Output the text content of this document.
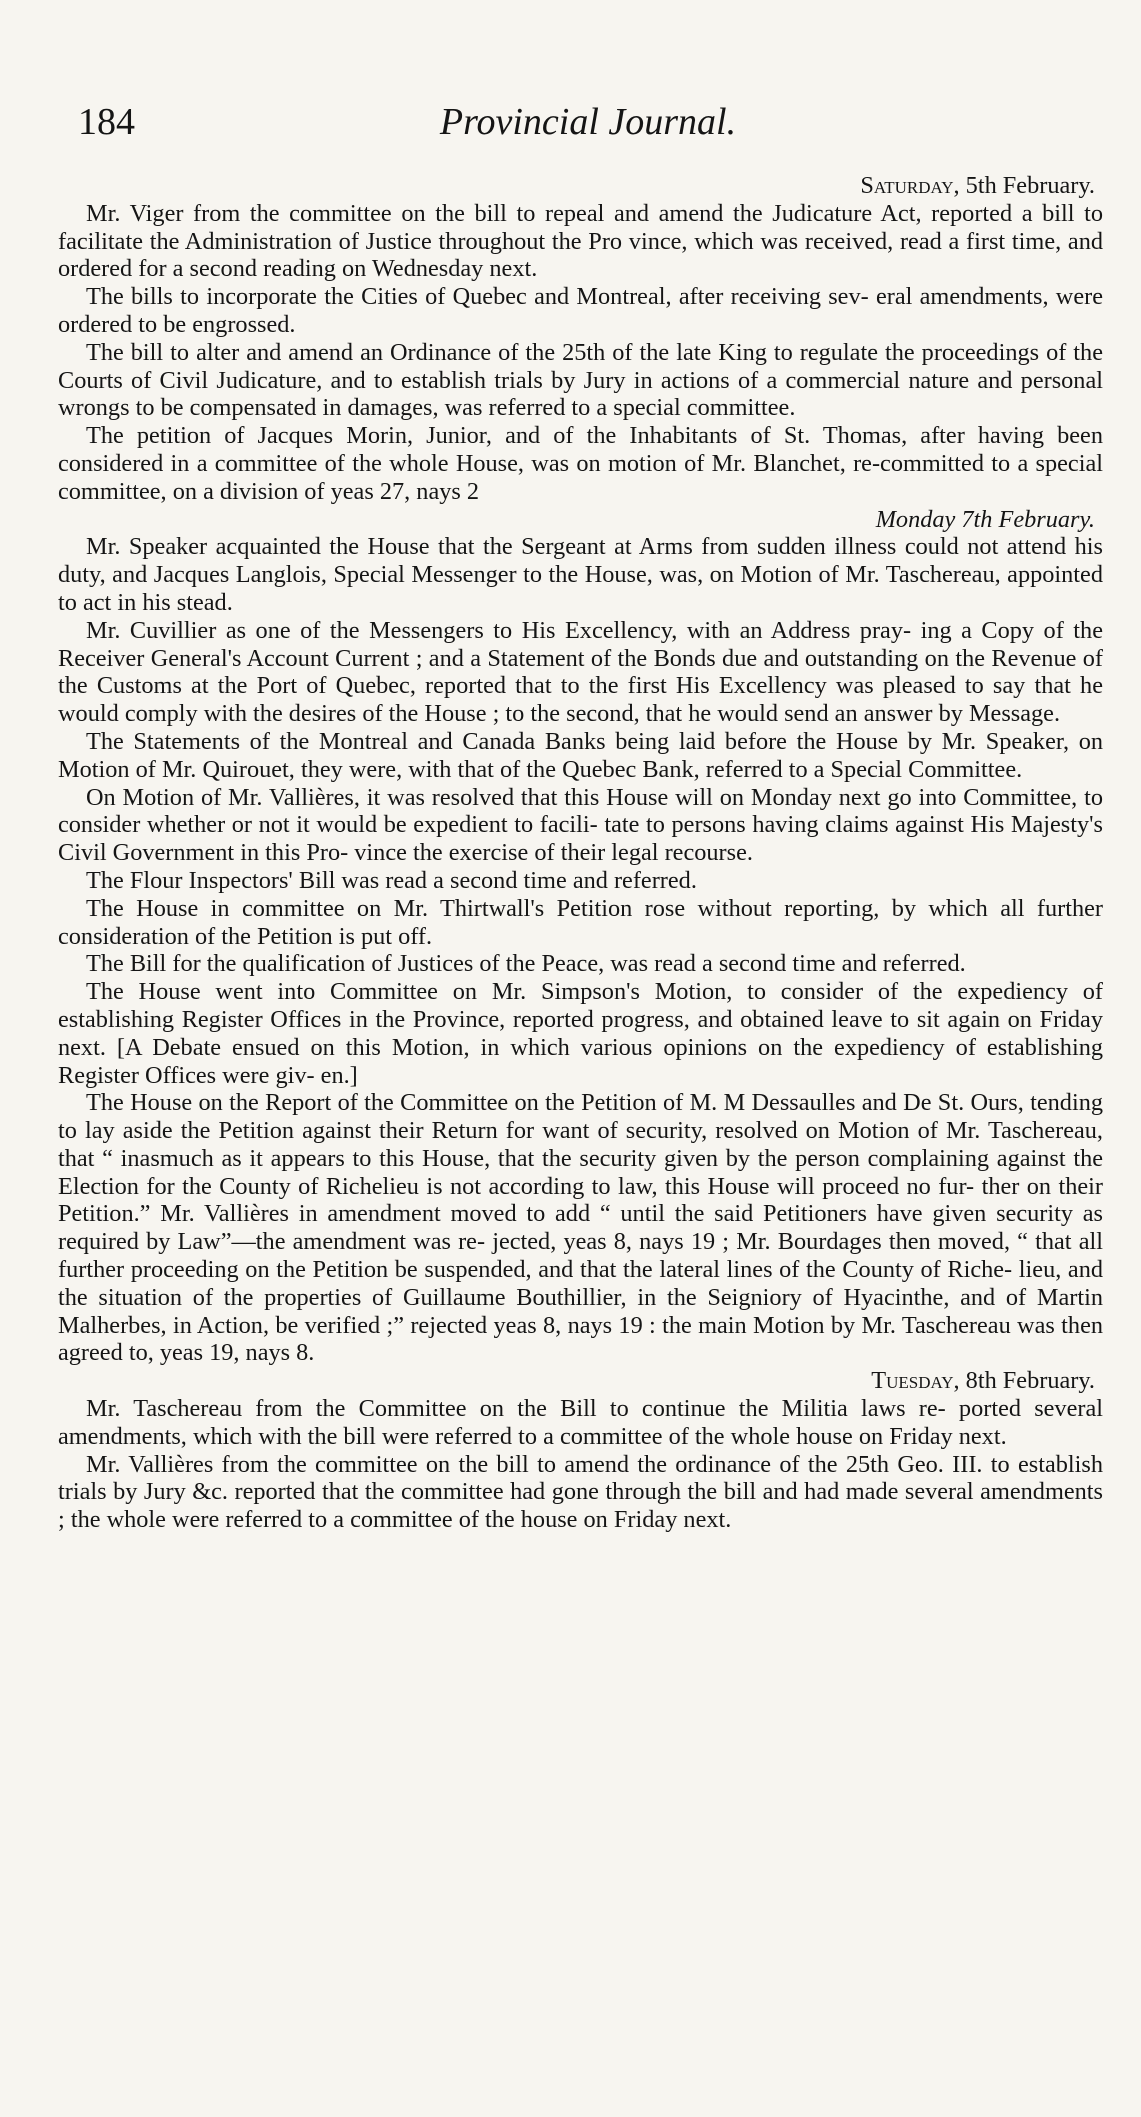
184	Provincial Journal.
Saturday, 5th February.

Mr. Viger from the committee on the bill to repeal and amend the Judicature Act, reported a bill to facilitate the Administration of Justice throughout the Pro vince, which was received, read a first time, and ordered for a second reading on Wednesday next.

The bills to incorporate the Cities of Quebec and Montreal, after receiving sev- eral amendments, were ordered to be engrossed.

The bill to alter and amend an Ordinance of the 25th of the late King to regulate the proceedings of the Courts of Civil Judicature, and to establish trials by Jury in actions of a commercial nature and personal wrongs to be compensated in damages, was referred to a special committee.

The petition of Jacques Morin, Junior, and of the Inhabitants of St. Thomas, after having been considered in a committee of the whole House, was on motion of Mr. Blanchet, re-committed to a special committee, on a division of yeas 27, nays 2

Monday 7th February.

Mr. Speaker acquainted the House that the Sergeant at Arms from sudden illness could not attend his duty, and Jacques Langlois, Special Messenger to the House, was, on Motion of Mr. Taschereau, appointed to act in his stead.

Mr. Cuvillier as one of the Messengers to His Excellency, with an Address pray- ing a Copy of the Receiver General's Account Current ; and a Statement of the Bonds due and outstanding on the Revenue of the Customs at the Port of Quebec, reported that to the first His Excellency was pleased to say that he would comply with the desires of the House ; to the second, that he would send an answer by Message.

The Statements of the Montreal and Canada Banks being laid before the House by Mr. Speaker, on Motion of Mr. Quirouet, they were, with that of the Quebec Bank, referred to a Special Committee.

On Motion of Mr. Vallières, it was resolved that this House will on Monday next go into Committee, to consider whether or not it would be expedient to facili- tate to persons having claims against His Majesty's Civil Government in this Pro- vince the exercise of their legal recourse.

The Flour Inspectors' Bill was read a second time and referred.

The House in committee on Mr. Thirtwall's Petition rose without reporting, by which all further consideration of the Petition is put off.

The Bill for the qualification of Justices of the Peace, was read a second time and referred.

The House went into Committee on Mr. Simpson's Motion, to consider of the expediency of establishing Register Offices in the Province, reported progress, and obtained leave to sit again on Friday next. [A Debate ensued on this Motion, in which various opinions on the expediency of establishing Register Offices were giv- en.]

The House on the Report of the Committee on the Petition of M. M Dessaulles and De St. Ours, tending to lay aside the Petition against their Return for want of security, resolved on Motion of Mr. Taschereau, that “ inasmuch as it appears to this House, that the security given by the person complaining against the Election for the County of Richelieu is not according to law, this House will proceed no fur- ther on their Petition.” Mr. Vallières in amendment moved to add “ until the said Petitioners have given security as required by Law”—the amendment was re- jected, yeas 8, nays 19 ; Mr. Bourdages then moved, “ that all further proceeding on the Petition be suspended, and that the lateral lines of the County of Riche- lieu, and the situation of the properties of Guillaume Bouthillier, in the Seigniory of Hyacinthe, and of Martin Malherbes, in Action, be verified ;” rejected yeas 8, nays 19 : the main Motion by Mr. Taschereau was then agreed to, yeas 19, nays 8.

Tuesday, 8th February.

Mr. Taschereau from the Committee on the Bill to continue the Militia laws re- ported several amendments, which with the bill were referred to a committee of the whole house on Friday next.

Mr. Vallières from the committee on the bill to amend the ordinance of the 25th Geo. III. to establish trials by Jury &c. reported that the committee had gone through the bill and had made several amendments ; the whole were referred to a committee of the house on Friday next.
